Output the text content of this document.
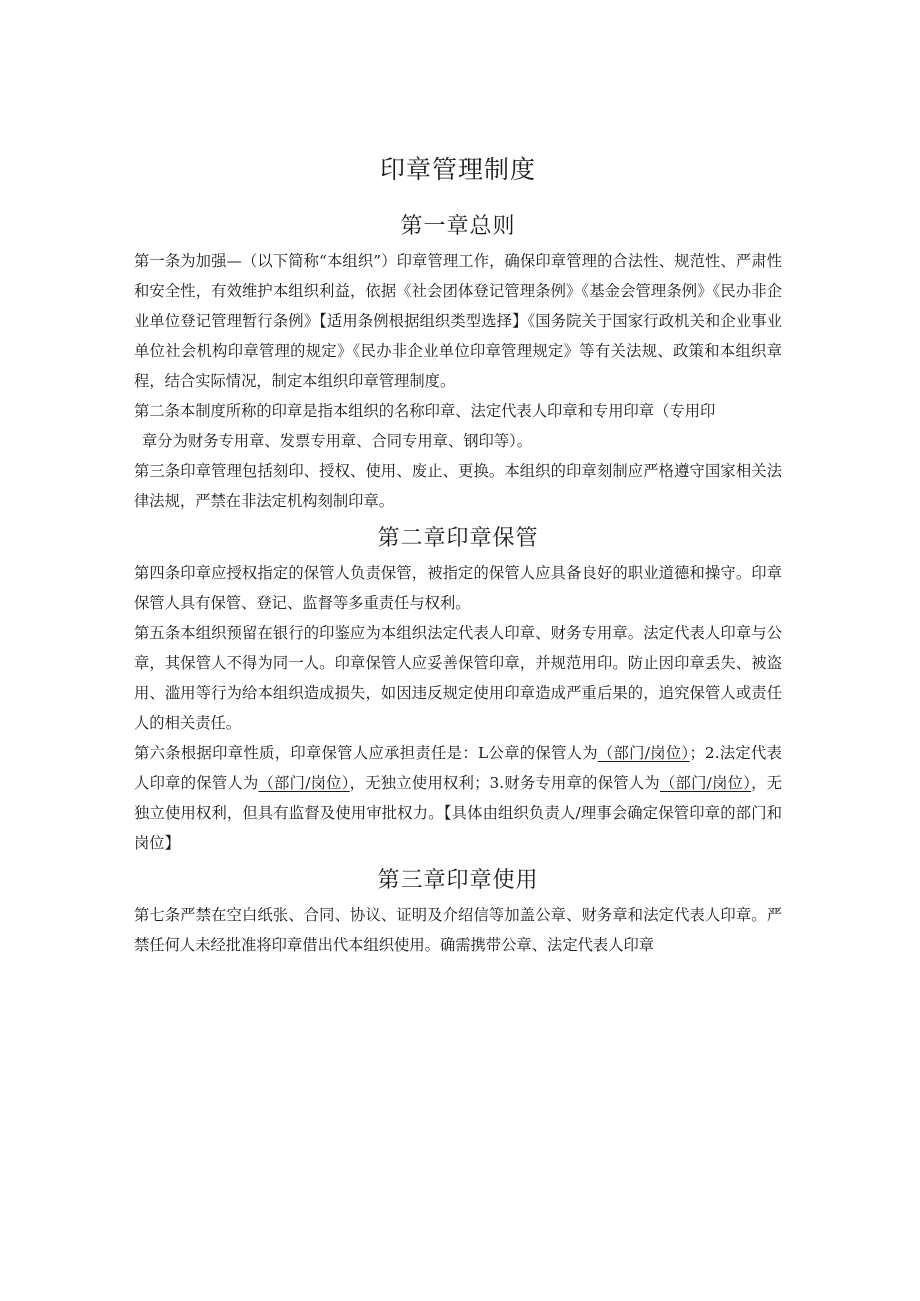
印章管理制度
第一章总则

第一条为加强—（以下简称“本组织”）印章管理工作，确保印章管理的合法性、规范性、严肃性和安全性，有效维护本组织利益，依据《社会团体登记管理条例》《基金会管理条例》《民办非企业单位登记管理暂行条例》【适用条例根据组织类型选择】《国务院关于国家行政机关和企业事业单位社会机构印章管理的规定》《民办非企业单位印章管理规定》等有关法规、政策和本组织章程，结合实际情况，制定本组织印章管理制度。

第二条本制度所称的印章是指本组织的名称印章、法定代表人印章和专用印章（专用印
章分为财务专用章、发票专用章、合同专用章、钢印等）。

第三条印章管理包括刻印、授权、使用、废止、更换。本组织的印章刻制应严格遵守国家相关法律法规，严禁在非法定机构刻制印章。

第二章印章保管

第四条印章应授权指定的保管人负责保管，被指定的保管人应具备良好的职业道德和操守。印章保管人具有保管、登记、监督等多重责任与权利。

第五条本组织预留在银行的印鉴应为本组织法定代表人印章、财务专用章。法定代表人印章与公章，其保管人不得为同一人。印章保管人应妥善保管印章，并规范用印。防止因印章丢失、被盗用、滥用等行为给本组织造成损失，如因违反规定使用印章造成严重后果的，追究保管人或责任人的相关责任。

第六条根据印章性质，印章保管人应承担责任是：L公章的保管人为（部门/岗位）；2.法定代表人印章的保管人为（部门/岗位），无独立使用权利；3.财务专用章的保管人为（部门/岗位），无独立使用权利，但具有监督及使用审批权力。【具体由组织负责人/理事会确定保管印章的部门和岗位】

第三章印章使用

第七条严禁在空白纸张、合同、协议、证明及介绍信等加盖公章、财务章和法定代表人印章。严禁任何人未经批准将印章借出代本组织使用。确需携带公章、法定代表人印章
